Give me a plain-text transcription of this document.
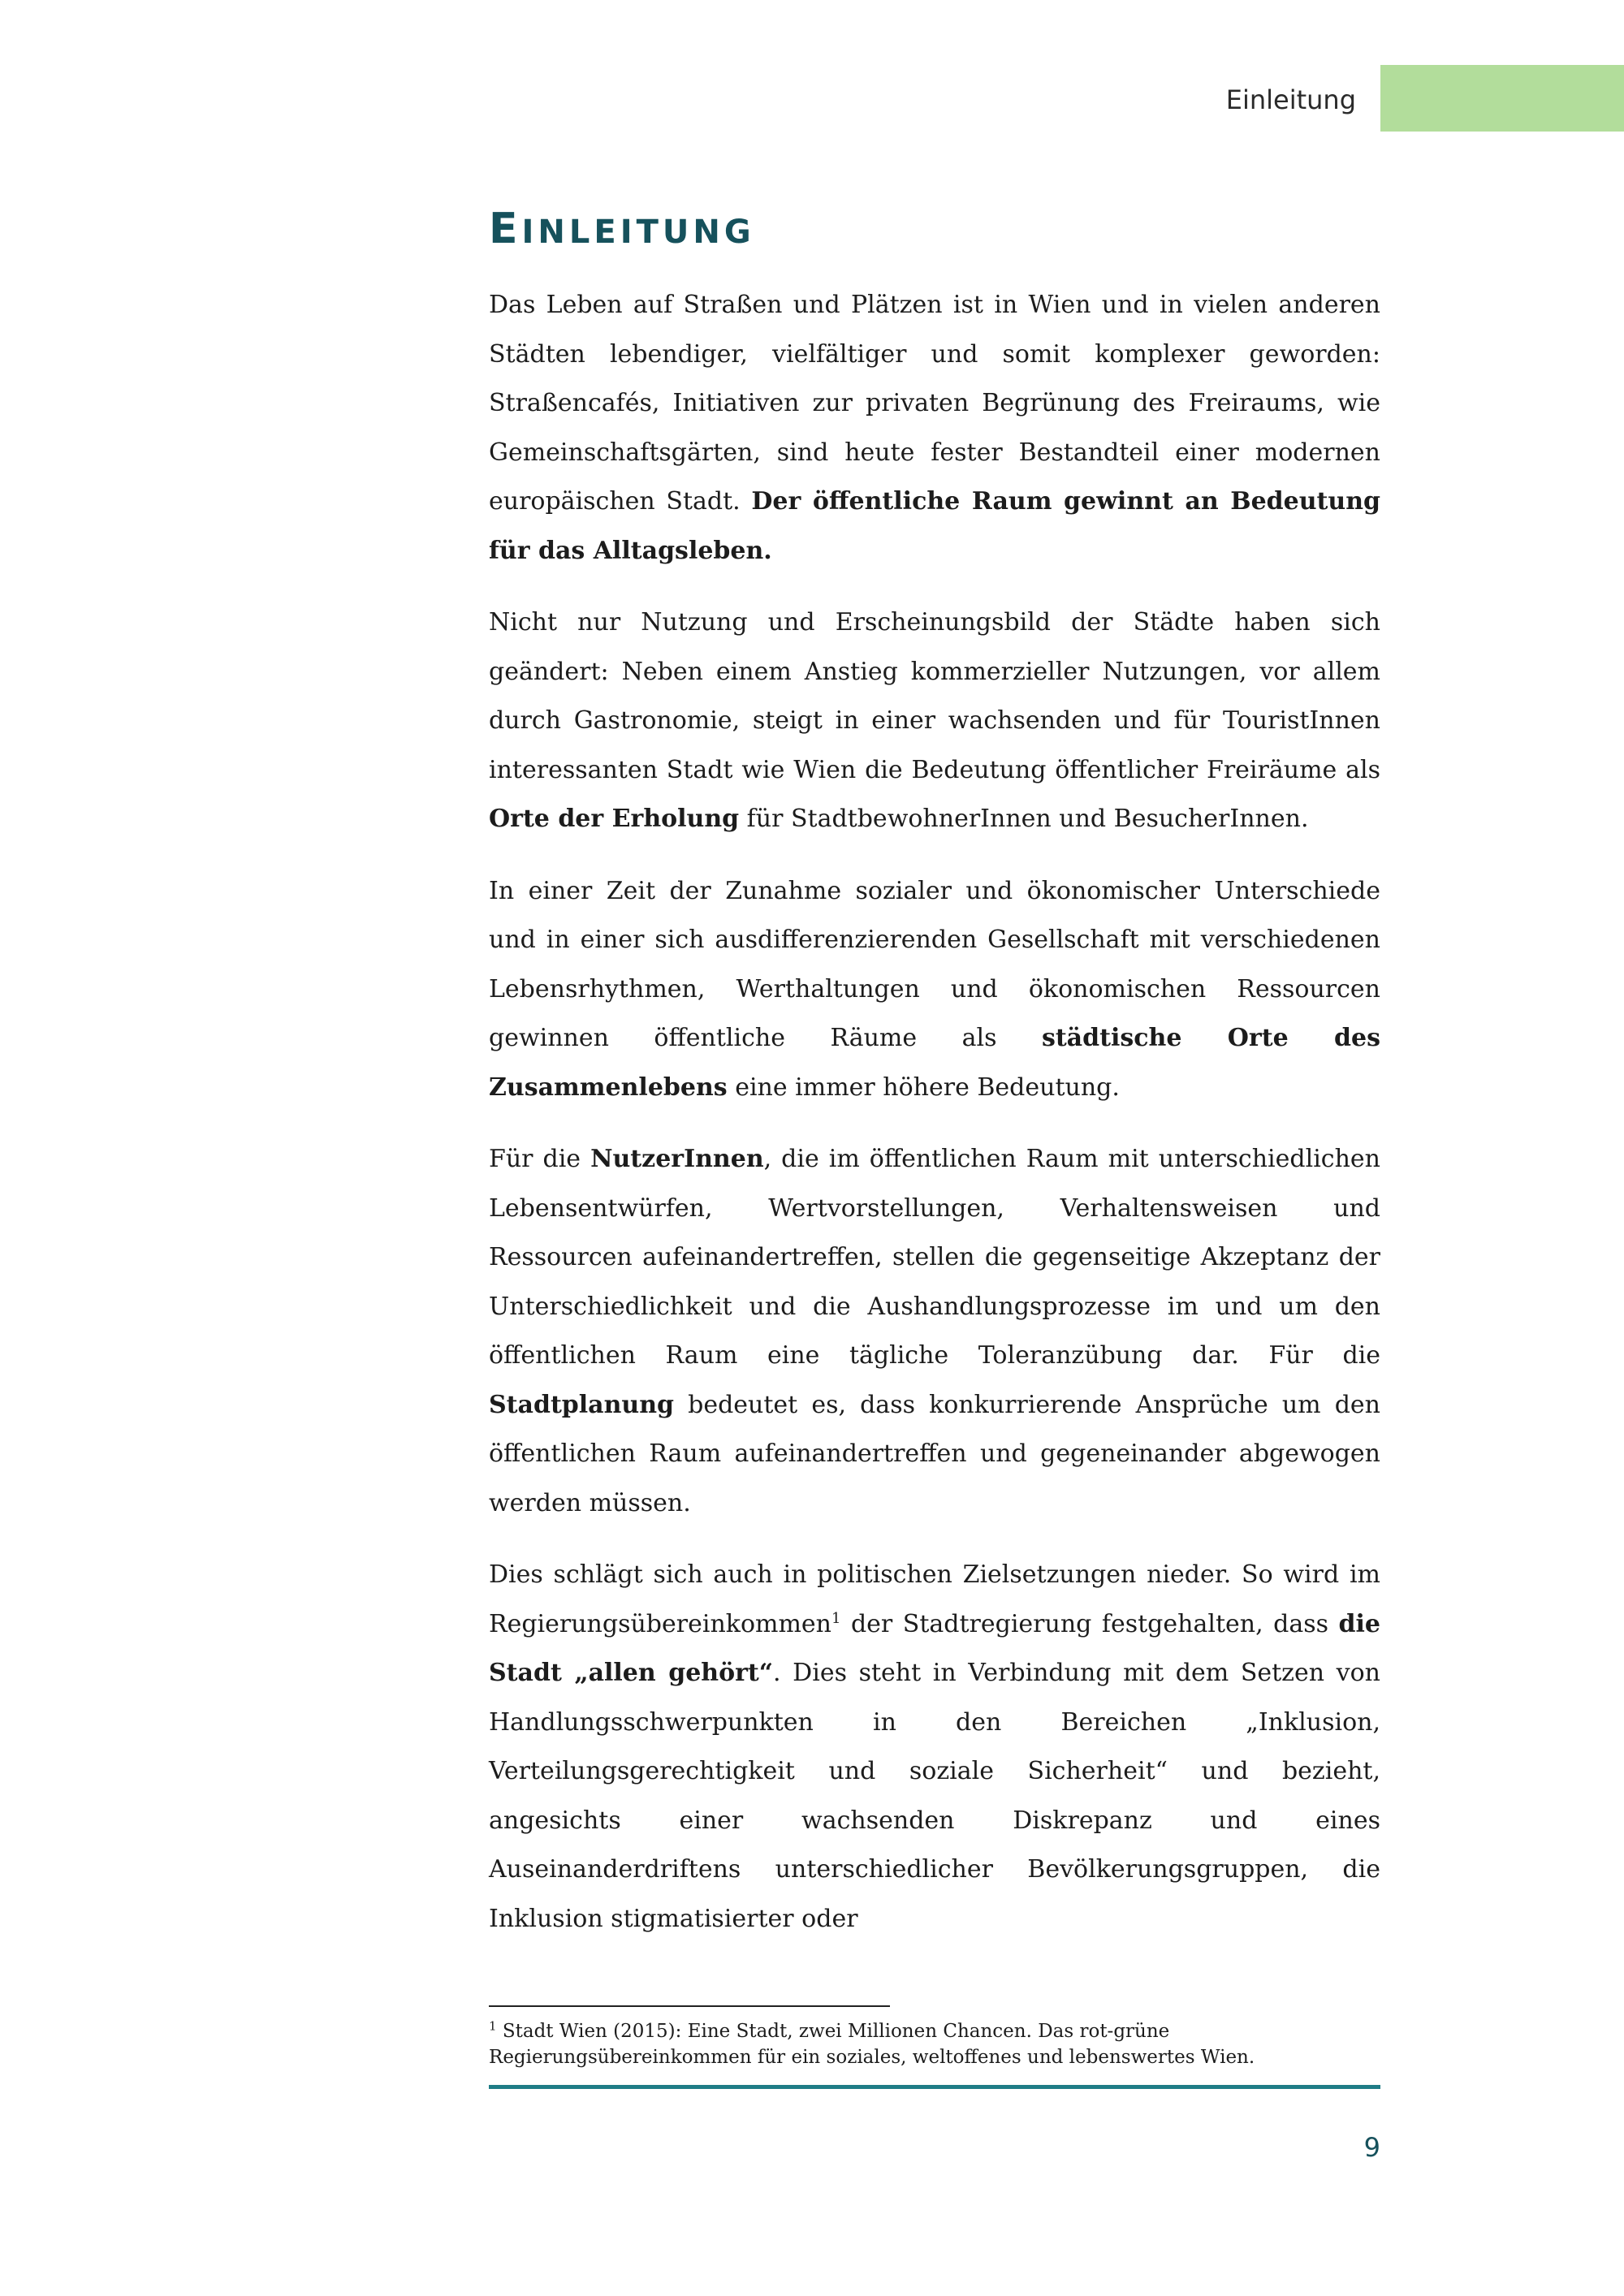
Einleitung

EINLEITUNG

Das Leben auf Straßen und Plätzen ist in Wien und in vielen anderen Städten lebendiger, vielfältiger und somit komplexer geworden: Straßencafés, Initiativen zur privaten Begrünung des Freiraums, wie Gemeinschaftsgärten, sind heute fester Bestandteil einer modernen europäischen Stadt. Der öffentliche Raum gewinnt an Bedeutung für das Alltagsleben.

Nicht nur Nutzung und Erscheinungsbild der Städte haben sich geändert: Neben einem Anstieg kommerzieller Nutzungen, vor allem durch Gastronomie, steigt in einer wachsenden und für TouristInnen interessanten Stadt wie Wien die Bedeutung öffentlicher Freiräume als Orte der Erholung für StadtbewohnerInnen und BesucherInnen.

In einer Zeit der Zunahme sozialer und ökonomischer Unterschiede und in einer sich ausdifferenzierenden Gesellschaft mit verschiedenen Lebensrhythmen, Werthaltungen und ökonomischen Ressourcen gewinnen öffentliche Räume als städtische Orte des Zusammenlebens eine immer höhere Bedeutung.

Für die NutzerInnen, die im öffentlichen Raum mit unterschiedlichen Lebensentwürfen, Wertvorstellungen, Verhaltensweisen und Ressourcen aufeinandertreffen, stellen die gegenseitige Akzeptanz der Unterschiedlichkeit und die Aushandlungsprozesse im und um den öffentlichen Raum eine tägliche Toleranzübung dar. Für die Stadtplanung bedeutet es, dass konkurrierende Ansprüche um den öffentlichen Raum aufeinandertreffen und gegeneinander abgewogen werden müssen.

Dies schlägt sich auch in politischen Zielsetzungen nieder. So wird im Regierungsübereinkommen$^1$ der Stadtregierung festgehalten, dass die Stadt „allen gehört“. Dies steht in Verbindung mit dem Setzen von Handlungsschwerpunkten in den Bereichen „Inklusion, Verteilungsgerechtigkeit und soziale Sicherheit“ und bezieht, angesichts einer wachsenden Diskrepanz und eines Auseinanderdriftens unterschiedlicher Bevölkerungsgruppen, die Inklusion stigmatisierter oder

$^1$ Stadt Wien (2015): Eine Stadt, zwei Millionen Chancen. Das rot-grüne Regierungsübereinkommen für ein soziales, weltoffenes und lebenswertes Wien.

9
